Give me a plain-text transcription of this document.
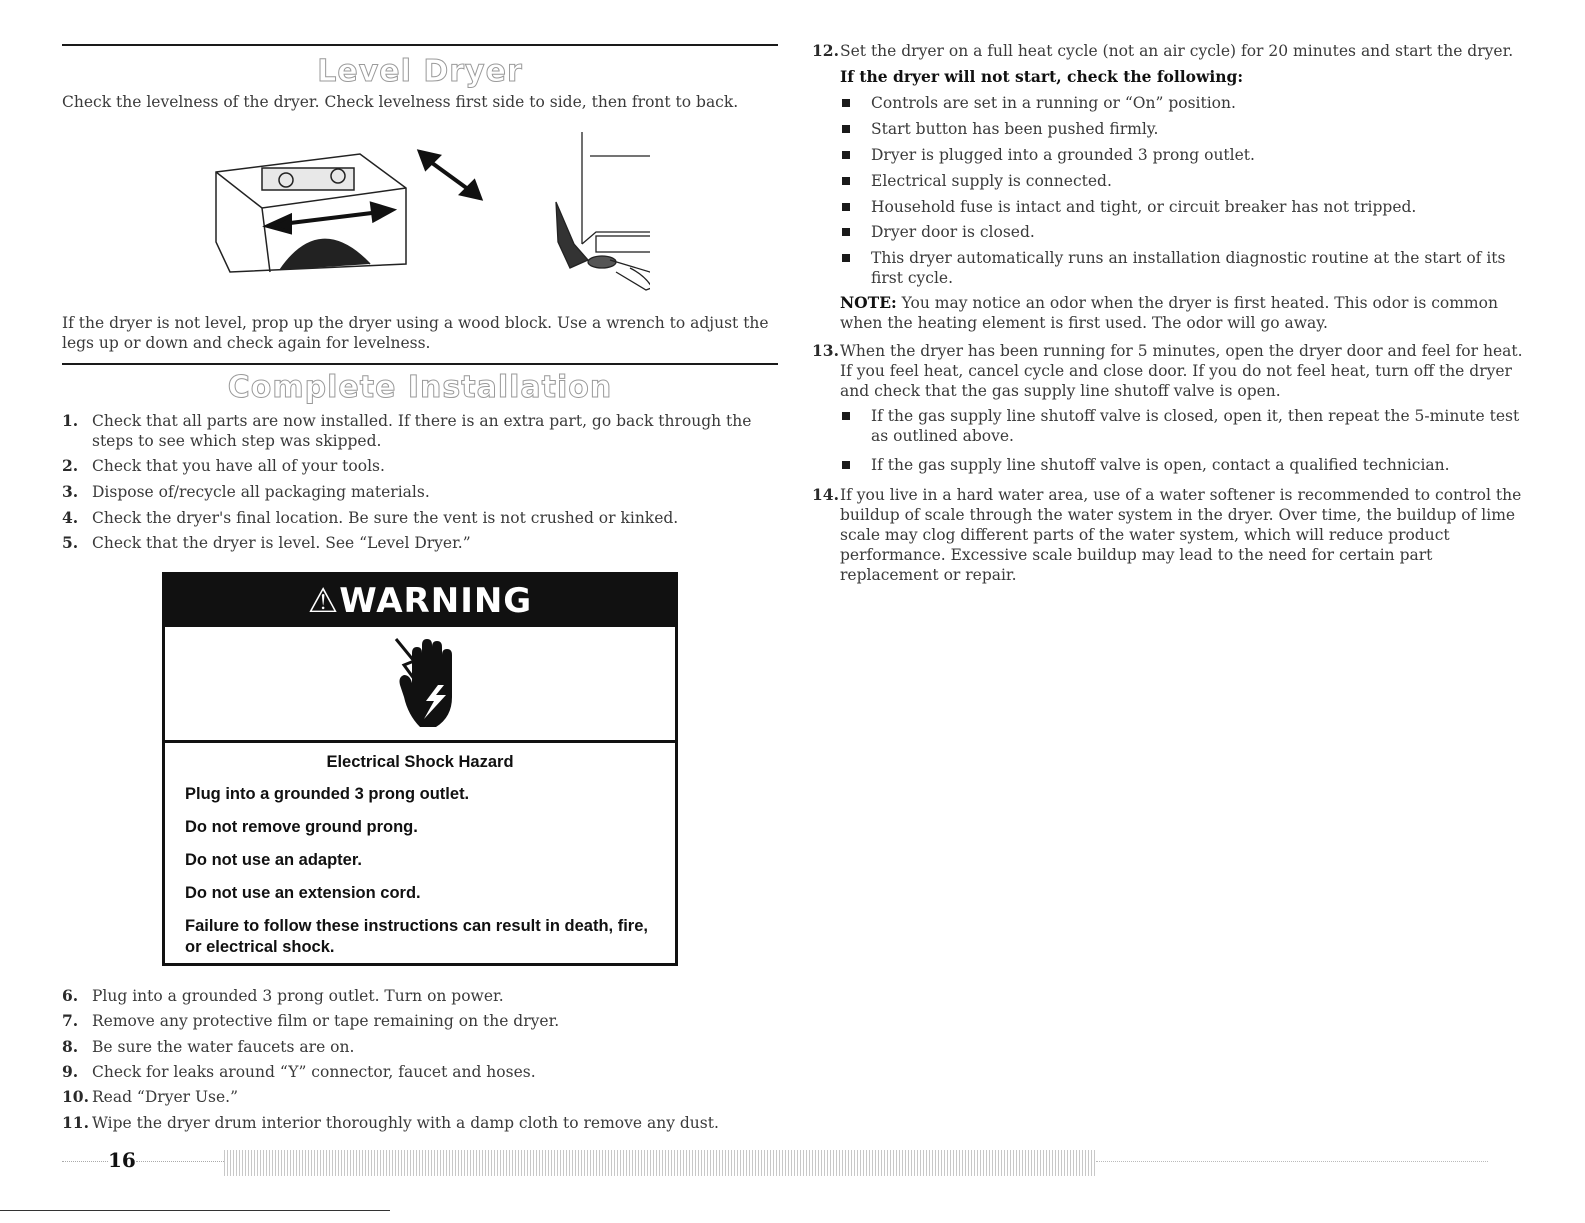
Level Dryer

Check the levelness of the dryer. Check levelness first side to side, then front to back.

If the dryer is not level, prop up the dryer using a wood block. Use a wrench to adjust the legs up or down and check again for levelness.

Complete Installation
1. Check that all parts are now installed. If there is an extra part, go back through the steps to see which step was skipped.
2. Check that you have all of your tools.
3. Dispose of/recycle all packaging materials.
4. Check the dryer's final location. Be sure the vent is not crushed or kinked.
5. Check that the dryer is level. See “Level Dryer.”
⚠WARNING
Electrical Shock Hazard
Plug into a grounded 3 prong outlet.
Do not remove ground prong.
Do not use an adapter.
Do not use an extension cord.
Failure to follow these instructions can result in death, fire, or electrical shock.
6. Plug into a grounded 3 prong outlet. Turn on power.
7. Remove any protective film or tape remaining on the dryer.
8. Be sure the water faucets are on.
9. Check for leaks around “Y” connector, faucet and hoses.
10. Read “Dryer Use.”
11. Wipe the dryer drum interior thoroughly with a damp cloth to remove any dust.
12. Set the dryer on a full heat cycle (not an air cycle) for 20 minutes and start the dryer.
If the dryer will not start, check the following:
Controls are set in a running or “On” position.
Start button has been pushed firmly.
Dryer is plugged into a grounded 3 prong outlet.
Electrical supply is connected.
Household fuse is intact and tight, or circuit breaker has not tripped.
Dryer door is closed.
This dryer automatically runs an installation diagnostic routine at the start of its first cycle.
NOTE: You may notice an odor when the dryer is first heated. This odor is common when the heating element is first used. The odor will go away.
13. When the dryer has been running for 5 minutes, open the dryer door and feel for heat. If you feel heat, cancel cycle and close door. If you do not feel heat, turn off the dryer and check that the gas supply line shutoff valve is open.
If the gas supply line shutoff valve is closed, open it, then repeat the 5-minute test as outlined above.
If the gas supply line shutoff valve is open, contact a qualified technician.
14. If you live in a hard water area, use of a water softener is recommended to control the buildup of scale through the water system in the dryer. Over time, the buildup of lime scale may clog different parts of the water system, which will reduce product performance. Excessive scale buildup may lead to the need for certain part replacement or repair.
16
